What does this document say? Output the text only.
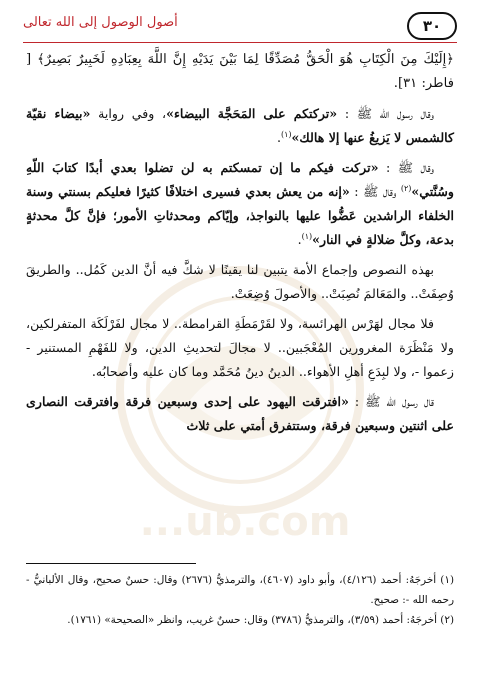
...ub.com
٣٠
أصول الوصول إلى الله تعالى

﴿إِلَيْكَ مِنَ الْكِتَابِ هُوَ الْحَقُّ مُصَدِّقًا لِمَا بَيْنَ يَدَيْهِ إِنَّ اللَّهَ بِعِبَادِهِ لَخَبِيرٌ بَصِيرٌ﴾ [ فاطر: ٣١].

وقال رسول الله ﷺ : «تركتكم على المَحَجَّة البيضاء»، وفي رواية «بيضاء نقيّة كالشمس لا يَزيغُ عنها إلا هالك»$^{(١)}$.

وقال ﷺ : «تركت فيكم ما إن تمسكتم به لن تضلوا بعدي أبدًا كتابَ اللّهِ وسُنَّتي»$^{(٢)}$ وقال ﷺ : «إنه من يعش بعدي فسيرى اختلافًا كثيرًا فعليكم بسنتي وسنة الخلفاء الراشدين عَضُّوا عليها بالنواجذ، وإيّاكم ومحدثاتِ الأمور؛ فإنَّ كلَّ محدثةٍ بدعة، وكلَّ ضلالةٍ في النار»$^{(١)}$.

بهذه النصوص وإجماع الأمة يتبين لنا يقينًا لا شكَّ فيه أنَّ الدين كَمُل.. والطريقَ وُصِفَتْ.. والمَعَالمَ نُصِبَتْ.. والأصولَ وُضِعَتْ.

فلا مجال لهَرْس الهرائسة، ولا لقَرْمَطَةِ القرامطة.. لا مجال لفَرْلَكَة المتفرلكين، ولا مَنْظَرَة المغرورين المُعْجَبين.. لا مجالَ لتحديثِ الدين، ولا للفَهْمِ المستنير - زعموا -، ولا لبِدَعِ أهلِ الأهواء.. الدينُ دينُ مُحَمَّد وما كان عليه وأصحابُه.

قال رسول الله ﷺ : «افترقت اليهود على إحدى وسبعين فرقة وافترقت النصارى على اثنتين وسبعين فرقة، وستتفرق أمتي على ثلاث

(١) أخرجَهُ: أحمد (٤/١٢٦)، وأبو داود (٤٦٠٧)، والترمذيُّ (٢٦٧٦) وقال: حسنٌ صحيح، وقال الألبانيُّ - رحمه الله -: صحيح.

(٢) أخرجَهُ: أحمد (٣/٥٩)، والترمذيُّ (٣٧٨٦) وقال: حسنٌ غريب، وانظر «الصحيحة» (١٧٦١).
